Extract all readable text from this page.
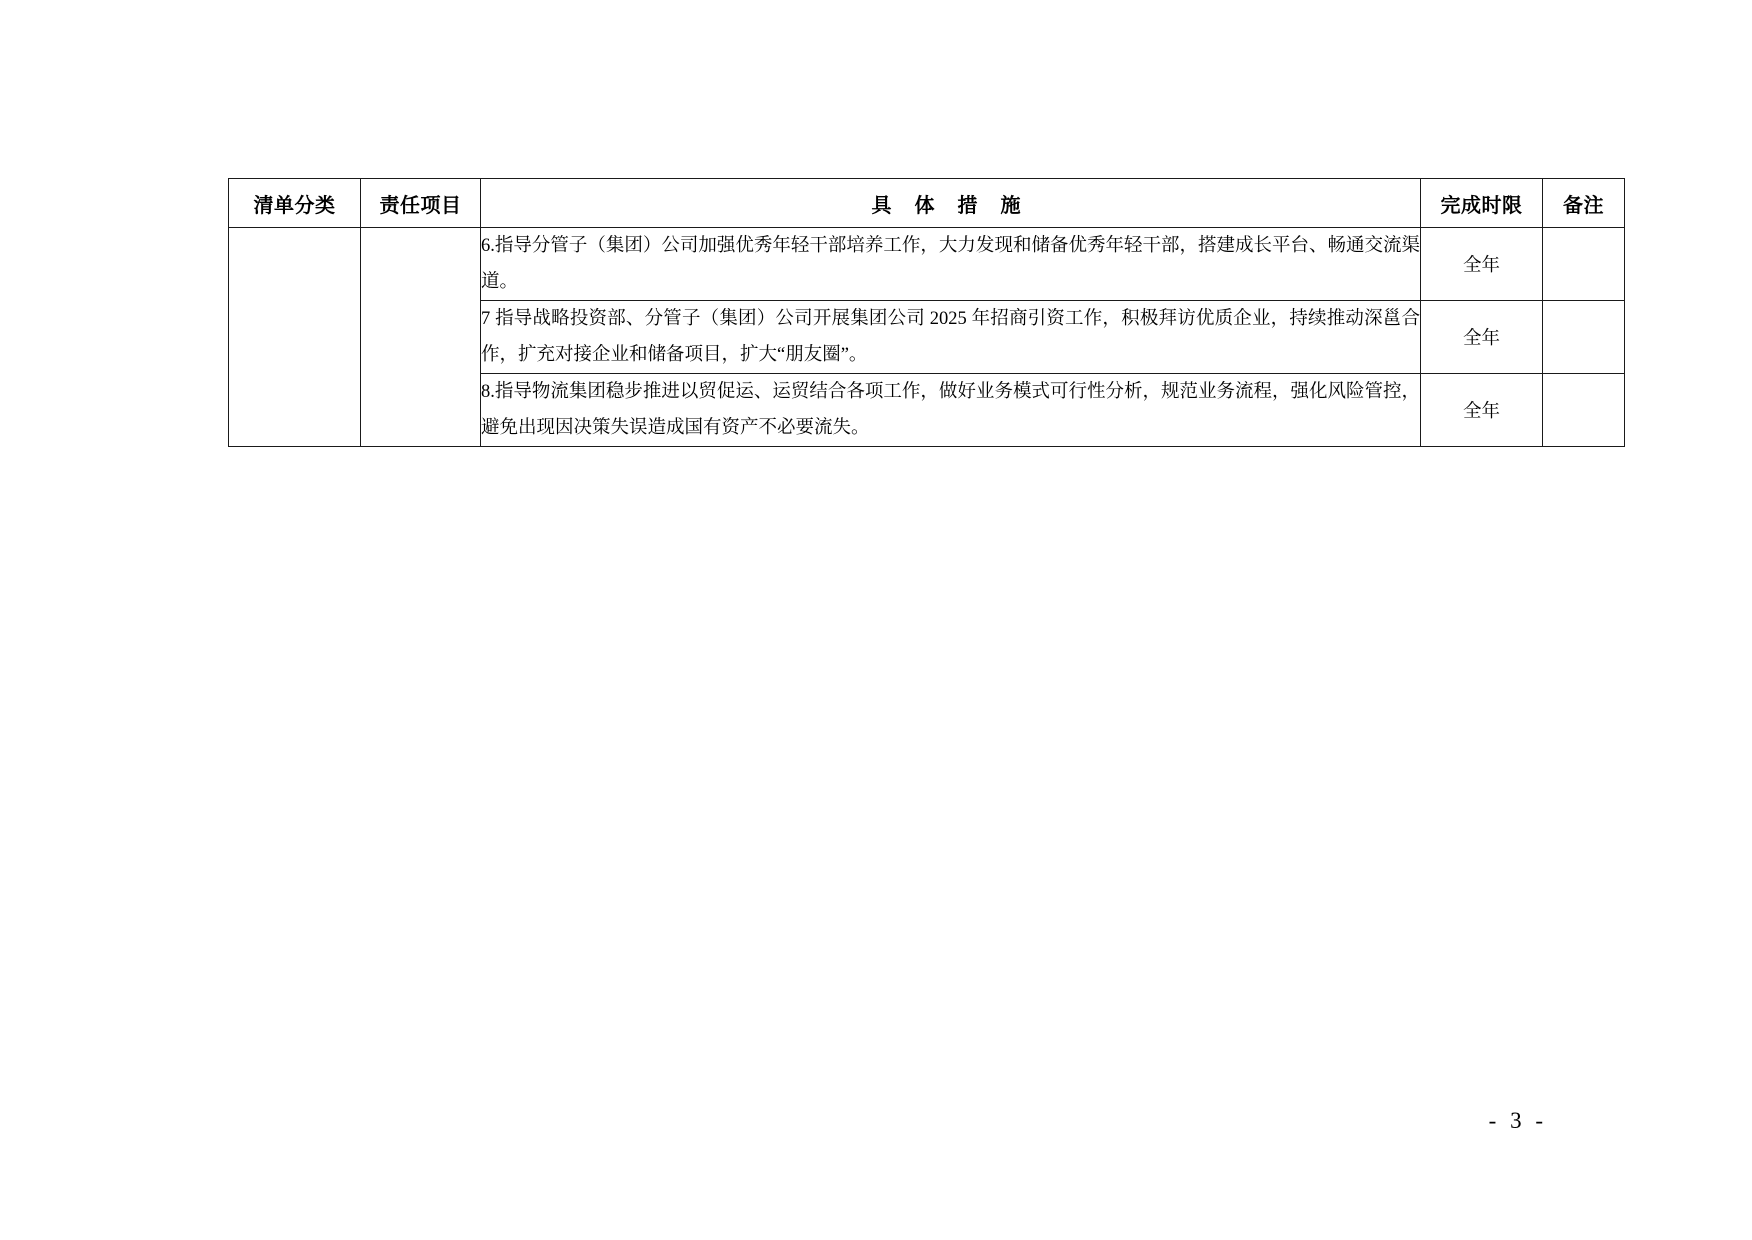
清单分类	责任项目	具 体 措 施	完成时限	备注
		6.指导分管子（集团）公司加强优秀年轻干部培养工作，大力发现和储备优秀年轻干部，搭建成长平台、畅通交流渠道。	全年	
		7 指导战略投资部、分管子（集团）公司开展集团公司 2025 年招商引资工作，积极拜访优质企业，持续推动深邕合作，扩充对接企业和储备项目，扩大“朋友圈”。	全年	
		8.指导物流集团稳步推进以贸促运、运贸结合各项工作，做好业务模式可行性分析，规范业务流程，强化风险管控，避免出现因决策失误造成国有资产不必要流失。	全年	
- 3 -
